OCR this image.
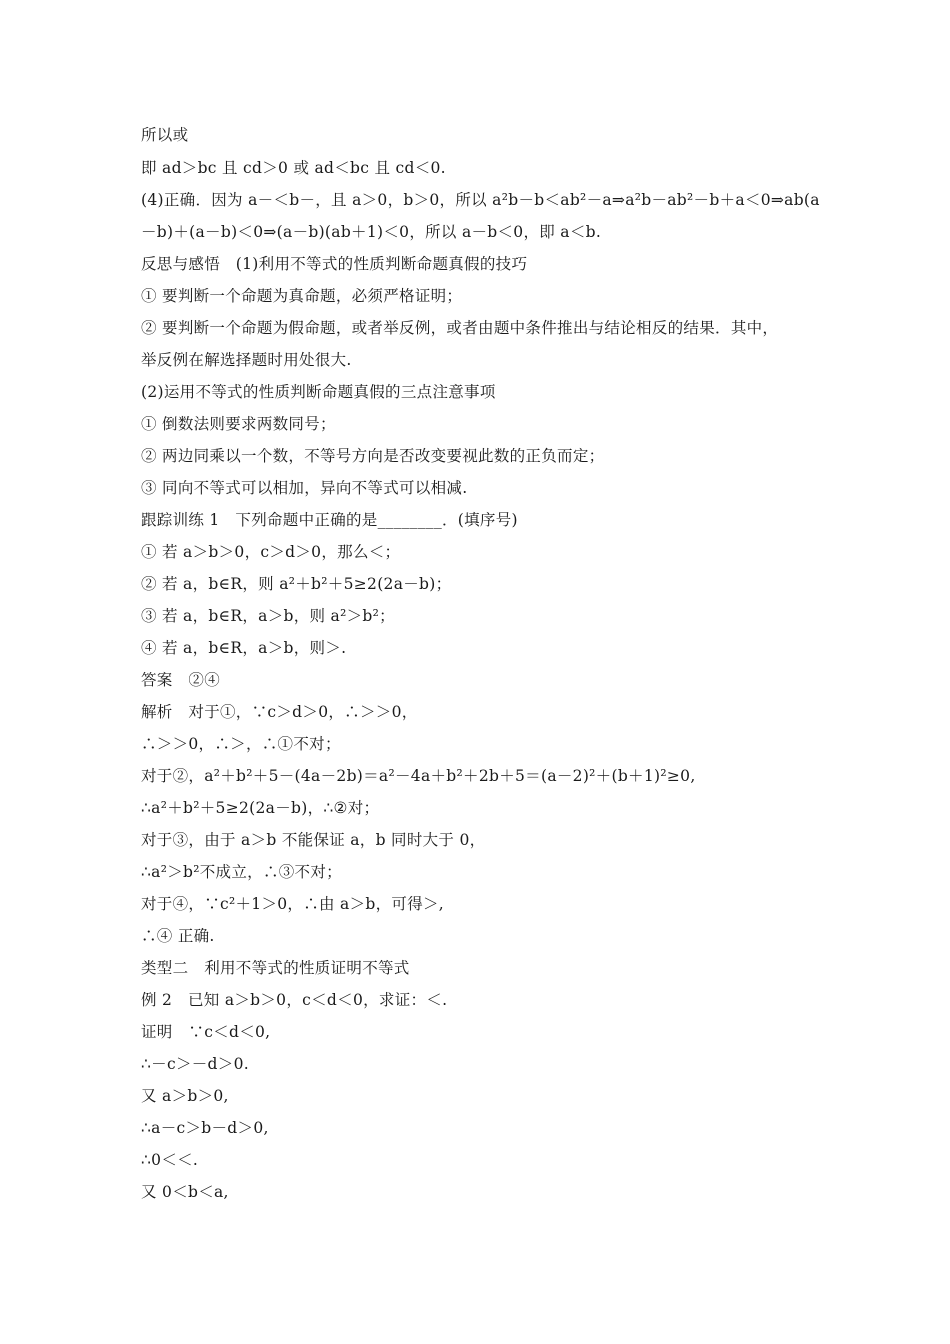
所以或
即 ad＞bc 且 cd＞0 或 ad＜bc 且 cd＜0.
(4)正确．因为 a－＜b－，且 a＞0，b＞0，所以 a²b－b＜ab²－a⇒a²b－ab²－b＋a＜0⇒ab(a
－b)＋(a－b)＜0⇒(a－b)(ab＋1)＜0，所以 a－b＜0，即 a＜b.
反思与感悟　(1)利用不等式的性质判断命题真假的技巧
① 要判断一个命题为真命题，必须严格证明；
② 要判断一个命题为假命题，或者举反例，或者由题中条件推出与结论相反的结果．其中，
举反例在解选择题时用处很大.
(2)运用不等式的性质判断命题真假的三点注意事项
① 倒数法则要求两数同号；
② 两边同乘以一个数，不等号方向是否改变要视此数的正负而定；
③ 同向不等式可以相加，异向不等式可以相减.
跟踪训练 1　下列命题中正确的是________．(填序号)
① 若 a＞b＞0，c＞d＞0，那么＜；
② 若 a，b∈R，则 a²＋b²＋5≥2(2a－b)；
③ 若 a，b∈R，a＞b，则 a²＞b²；
④ 若 a，b∈R，a＞b，则＞.
答案　②④
解析　对于①，∵c＞d＞0，∴＞＞0，
∴＞＞0，∴＞，∴①不对；
对于②，a²＋b²＋5－(4a－2b)＝a²－4a＋b²＋2b＋5＝(a－2)²＋(b＋1)²≥0,
∴a²＋b²＋5≥2(2a－b)，∴②对；
对于③，由于 a＞b 不能保证 a，b 同时大于 0，
∴a²＞b²不成立，∴③不对；
对于④，∵c²＋1＞0，∴由 a＞b，可得＞,
∴④ 正确.
类型二　利用不等式的性质证明不等式
例 2　已知 a＞b＞0，c＜d＜0，求证：＜.
证明　∵c＜d＜0,
∴－c＞－d＞0.
又 a＞b＞0,
∴a－c＞b－d＞0,
∴0＜＜.
又 0＜b＜a,
